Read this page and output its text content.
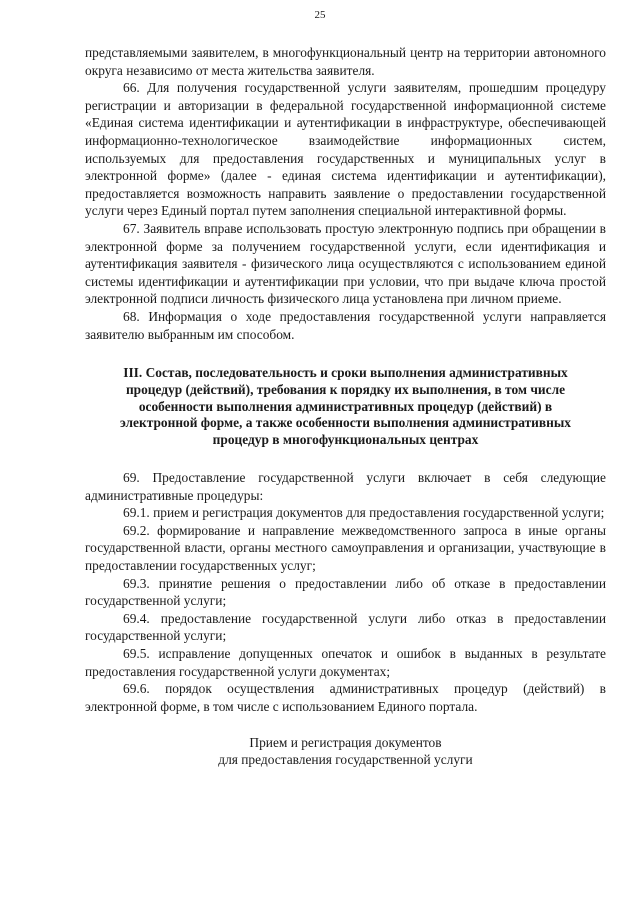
25

представляемыми заявителем, в многофункциональный центр на территории автономного округа независимо от места жительства заявителя.

66. Для получения государственной услуги заявителям, прошедшим процедуру регистрации и авторизации в федеральной государственной информационной системе «Единая система идентификации и аутентификации в инфраструктуре, обеспечивающей информационно-технологическое взаимодействие информационных систем, используемых для предоставления государственных и муниципальных услуг в электронной форме» (далее - единая система идентификации и аутентификации), предоставляется возможность направить заявление о предоставлении государственной услуги через Единый портал путем заполнения специальной интерактивной формы.

67. Заявитель вправе использовать простую электронную подпись при обращении в электронной форме за получением государственной услуги, если идентификация и аутентификация заявителя - физического лица осуществляются с использованием единой системы идентификации и аутентификации при условии, что при выдаче ключа простой электронной подписи личность физического лица установлена при личном приеме.

68. Информация о ходе предоставления государственной услуги направляется заявителю выбранным им способом.

III. Состав, последовательность и сроки выполнения административных процедур (действий), требования к порядку их выполнения, в том числе особенности выполнения административных процедур (действий) в электронной форме, а также особенности выполнения административных процедур в многофункциональных центрах

69. Предоставление государственной услуги включает в себя следующие административные процедуры:

69.1. прием и регистрация документов для предоставления государственной услуги;

69.2. формирование и направление межведомственного запроса в иные органы государственной власти, органы местного самоуправления и организации, участвующие в предоставлении государственных услуг;

69.3. принятие решения о предоставлении либо об отказе в предоставлении государственной услуги;

69.4. предоставление государственной услуги либо отказ в предоставлении государственной услуги;

69.5. исправление допущенных опечаток и ошибок в выданных в результате предоставления государственной услуги документах;

69.6. порядок осуществления административных процедур (действий) в электронной форме, в том числе с использованием Единого портала.

Прием и регистрация документов
для предоставления государственной услуги
